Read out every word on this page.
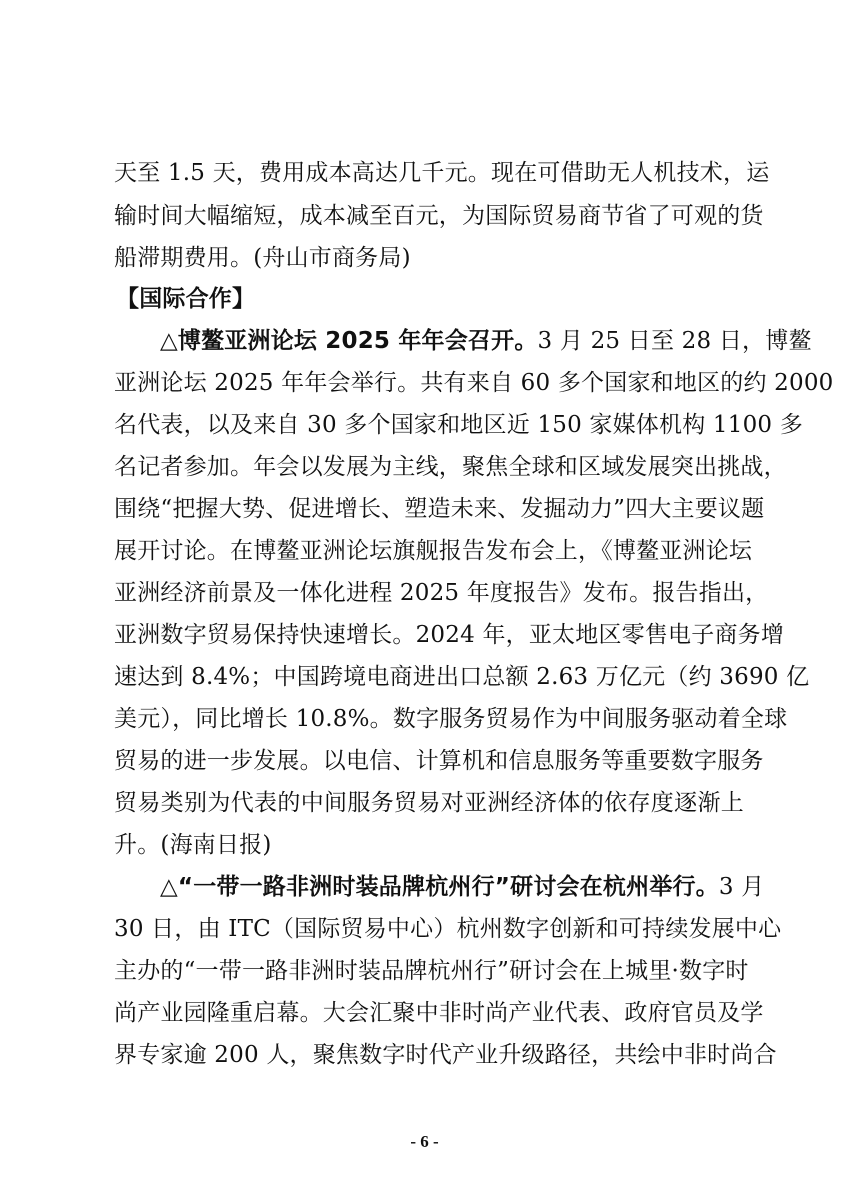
天至 1.5 天，费用成本高达几千元。现在可借助无人机技术，运
输时间大幅缩短，成本减至百元，为国际贸易商节省了可观的货
船滞期费用。(舟山市商务局)
【国际合作】
△博鳌亚洲论坛 2025 年年会召开。3 月 25 日至 28 日，博鳌
亚洲论坛 2025 年年会举行。共有来自 60 多个国家和地区的约 2000
名代表，以及来自 30 多个国家和地区近 150 家媒体机构 1100 多
名记者参加。年会以发展为主线，聚焦全球和区域发展突出挑战，
围绕“把握大势、促进增长、塑造未来、发掘动力”四大主要议题
展开讨论。在博鳌亚洲论坛旗舰报告发布会上，《博鳌亚洲论坛
亚洲经济前景及一体化进程 2025 年度报告》发布。报告指出，
亚洲数字贸易保持快速增长。2024 年，亚太地区零售电子商务增
速达到 8.4%；中国跨境电商进出口总额 2.63 万亿元（约 3690 亿
美元），同比增长 10.8%。数字服务贸易作为中间服务驱动着全球
贸易的进一步发展。以电信、计算机和信息服务等重要数字服务
贸易类别为代表的中间服务贸易对亚洲经济体的依存度逐渐上
升。(海南日报)
△“一带一路非洲时装品牌杭州行”研讨会在杭州举行。3 月
30 日，由 ITC（国际贸易中心）杭州数字创新和可持续发展中心
主办的“一带一路非洲时装品牌杭州行”研讨会在上城里·数字时
尚产业园隆重启幕。大会汇聚中非时尚产业代表、政府官员及学
界专家逾 200 人，聚焦数字时代产业升级路径，共绘中非时尚合
- 6 -
